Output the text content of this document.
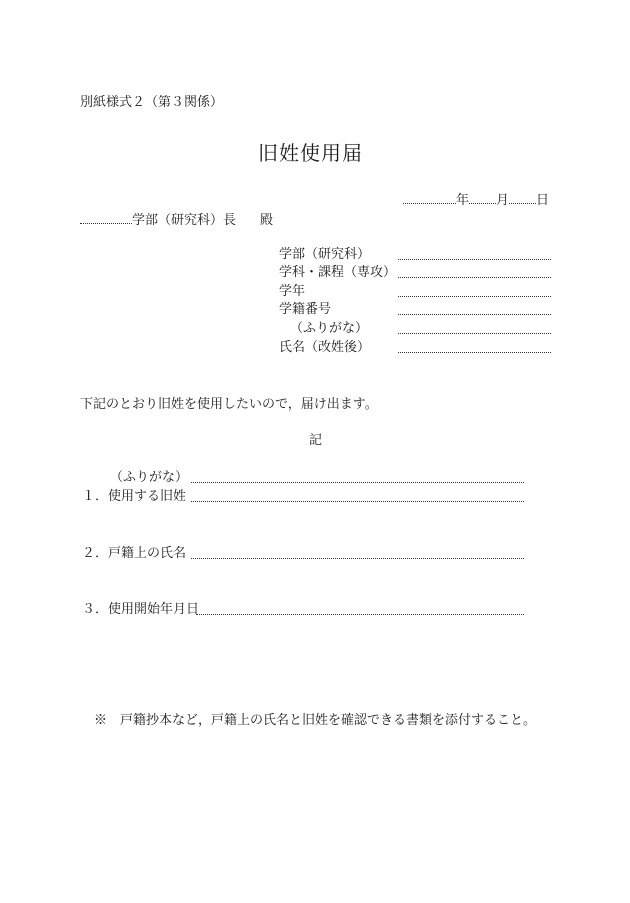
別紙様式２（第３関係）
旧姓使用届
年 月 日
学部（研究科）長 殿
学部（研究科）
学科・課程（専攻）
学年
学籍番号
（ふりがな）
氏名（改姓後）
下記のとおり旧姓を使用したいので，届け出ます。
記
（ふりがな）
１．使用する旧姓
２．戸籍上の氏名
３．使用開始年月日
※　戸籍抄本など，戸籍上の氏名と旧姓を確認できる書類を添付すること。
